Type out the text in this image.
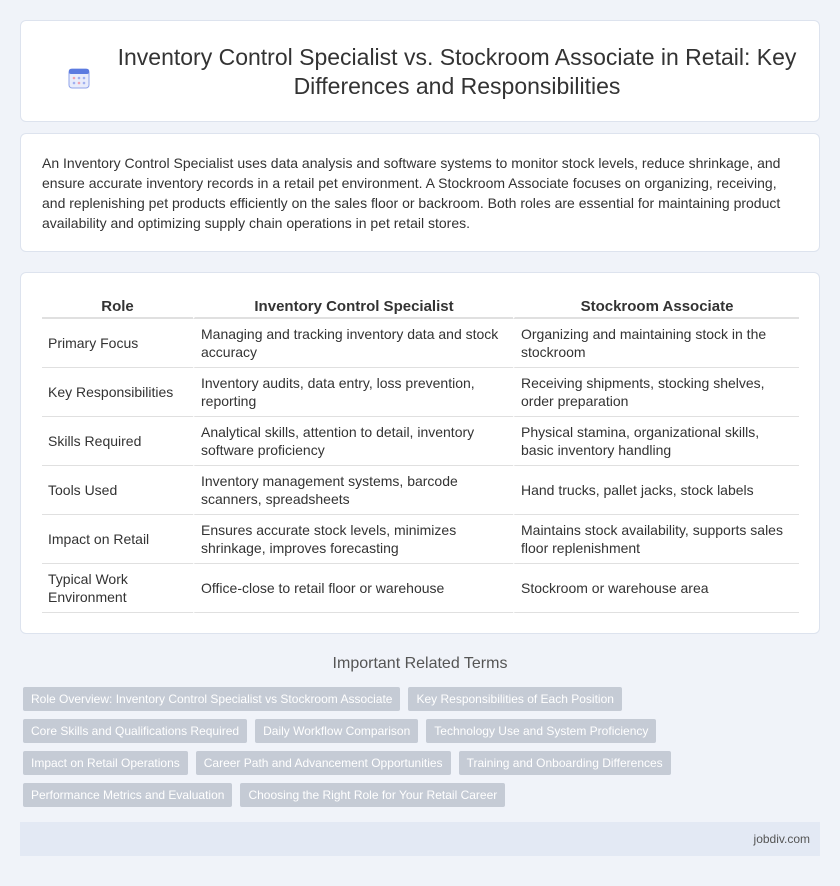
Inventory Control Specialist vs. Stockroom Associate in Retail: Key Differences and Responsibilities

An Inventory Control Specialist uses data analysis and software systems to monitor stock levels, reduce shrinkage, and ensure accurate inventory records in a retail pet environment. A Stockroom Associate focuses on organizing, receiving, and replenishing pet products efficiently on the sales floor or backroom. Both roles are essential for maintaining product availability and optimizing supply chain operations in pet retail stores.

Role	Inventory Control Specialist	Stockroom Associate
Primary Focus	Managing and tracking inventory data and stock accuracy	Organizing and maintaining stock in the stockroom
Key Responsibilities	Inventory audits, data entry, loss prevention, reporting	Receiving shipments, stocking shelves, order preparation
Skills Required	Analytical skills, attention to detail, inventory software proficiency	Physical stamina, organizational skills, basic inventory handling
Tools Used	Inventory management systems, barcode scanners, spreadsheets	Hand trucks, pallet jacks, stock labels
Impact on Retail	Ensures accurate stock levels, minimizes shrinkage, improves forecasting	Maintains stock availability, supports sales floor replenishment
Typical Work Environment	Office-close to retail floor or warehouse	Stockroom or warehouse area
Important Related Terms
Role Overview: Inventory Control Specialist vs Stockroom Associate	Key Responsibilities of Each Position
Core Skills and Qualifications Required	Daily Workflow Comparison	Technology Use and System Proficiency
Impact on Retail Operations	Career Path and Advancement Opportunities	Training and Onboarding Differences
Performance Metrics and Evaluation	Choosing the Right Role for Your Retail Career
jobdiv.com
